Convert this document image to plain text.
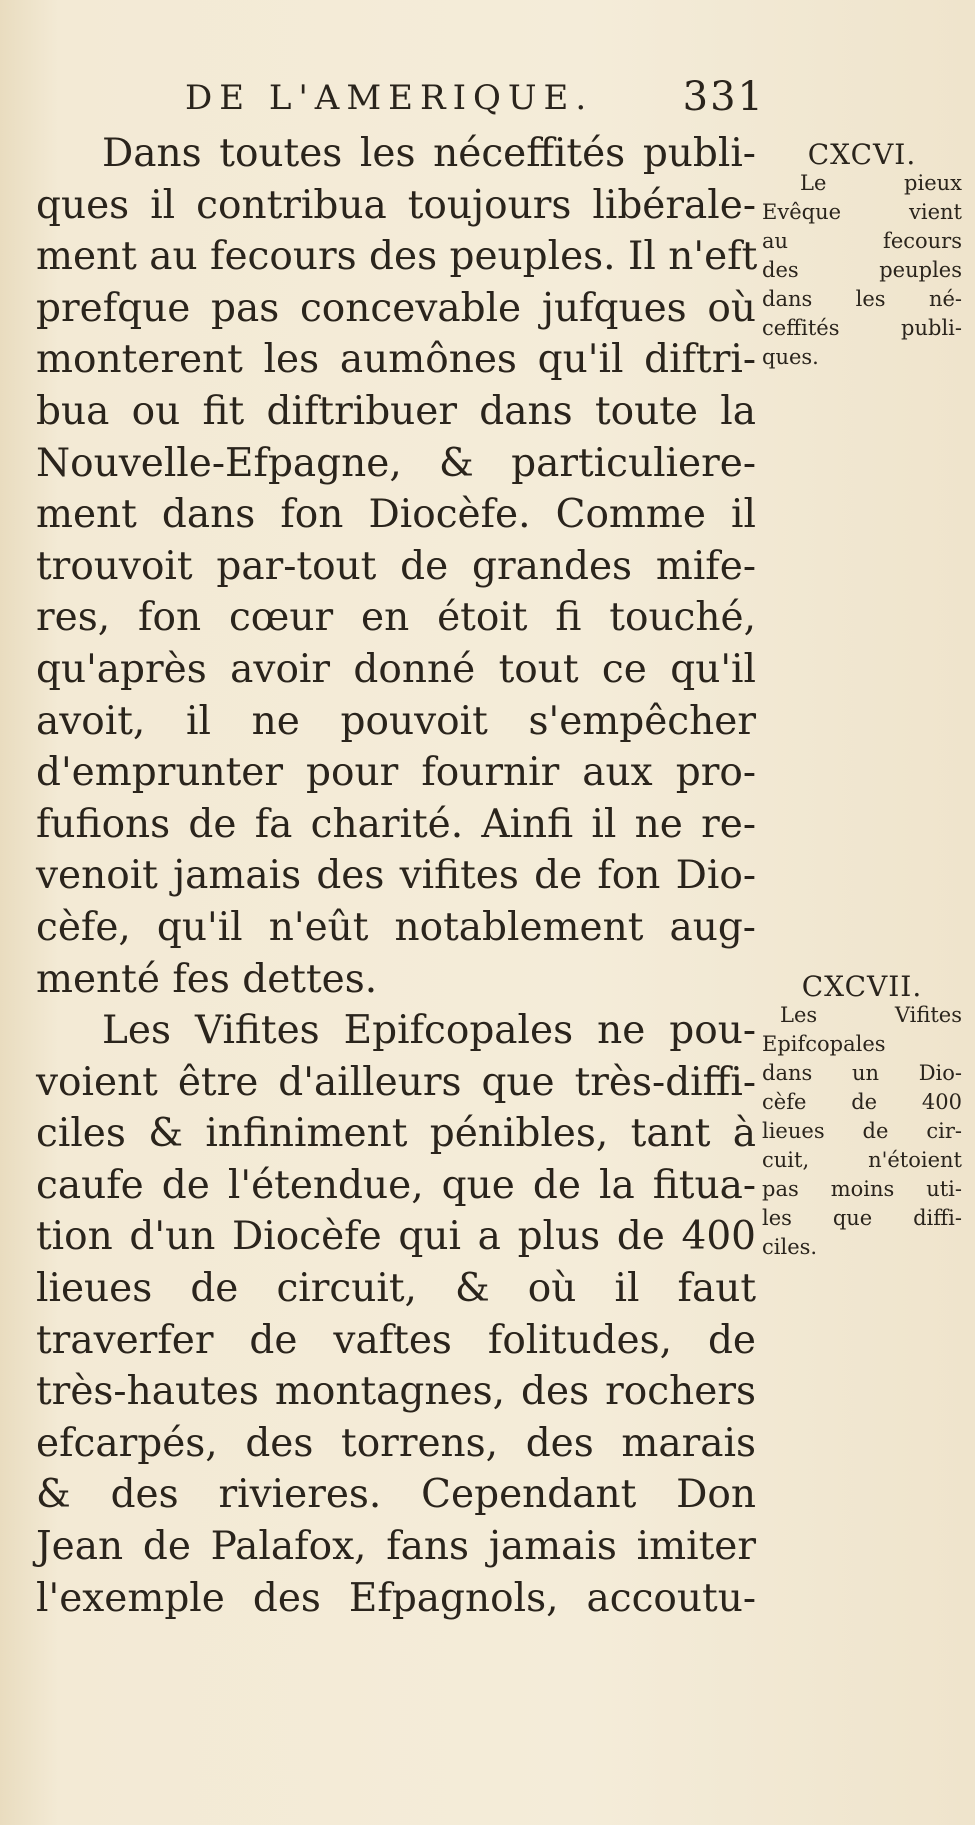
DE L'AMERIQUE. 331
Dans toutes les néceffités publi-
ques il contribua toujours libérale-
ment au fecours des peuples. Il n'eft
prefque pas concevable jufques où
monterent les aumônes qu'il diftri-
bua ou fit diftribuer dans toute la
Nouvelle-Efpagne, & particuliere-
ment dans fon Diocèfe. Comme il
trouvoit par-tout de grandes mife-
res, fon cœur en étoit fi touché,
qu'après avoir donné tout ce qu'il
avoit, il ne pouvoit s'empêcher
d'emprunter pour fournir aux pro-
fufions de fa charité. Ainfi il ne re-
venoit jamais des vifites de fon Dio-
cèfe, qu'il n'eût notablement aug-
menté fes dettes.
Les Vifites Epifcopales ne pou-
voient être d'ailleurs que très-diffi-
ciles & infiniment pénibles, tant à
caufe de l'étendue, que de la fitua-
tion d'un Diocèfe qui a plus de 400
lieues de circuit, & où il faut
traverfer de vaftes folitudes, de
très-hautes montagnes, des rochers
efcarpés, des torrens, des marais
& des rivieres. Cependant Don
Jean de Palafox, fans jamais imiter
l'exemple des Efpagnols, accoutu-
CXCVI.
Le pieux
Evêque vient
au fecours
des peuples
dans les né-
ceffités publi-
ques.
CXCVII.
Les Vifites
Epifcopales
dans un Dio-
cèfe de 400
lieues de cir-
cuit, n'étoient
pas moins uti-
les que diffi-
ciles.
